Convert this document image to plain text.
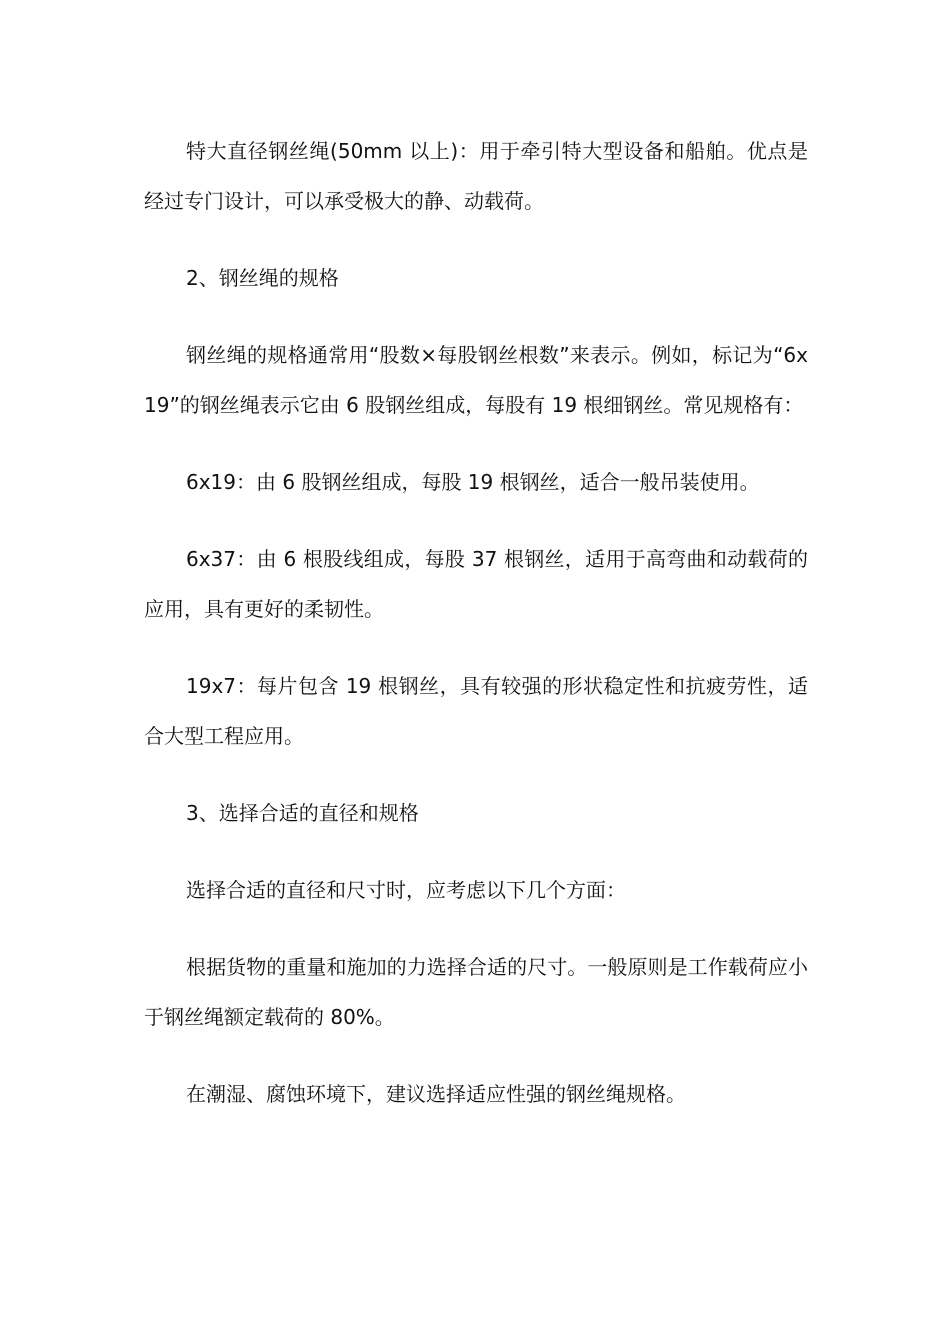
特大直径钢丝绳(50mm 以上)：用于牵引特大型设备和船舶。优点是经过专门设计，可以承受极大的静、动载荷。

2、钢丝绳的规格

钢丝绳的规格通常用“股数×每股钢丝根数”来表示。例如，标记为“6x19”的钢丝绳表示它由 6 股钢丝组成，每股有 19 根细钢丝。常见规格有：

6x19：由 6 股钢丝组成，每股 19 根钢丝，适合一般吊装使用。

6x37：由 6 根股线组成，每股 37 根钢丝，适用于高弯曲和动载荷的应用，具有更好的柔韧性。

19x7：每片包含 19 根钢丝，具有较强的形状稳定性和抗疲劳性，适合大型工程应用。

3、选择合适的直径和规格

选择合适的直径和尺寸时，应考虑以下几个方面：

根据货物的重量和施加的力选择合适的尺寸。一般原则是工作载荷应小于钢丝绳额定载荷的 80%。

在潮湿、腐蚀环境下，建议选择适应性强的钢丝绳规格。
